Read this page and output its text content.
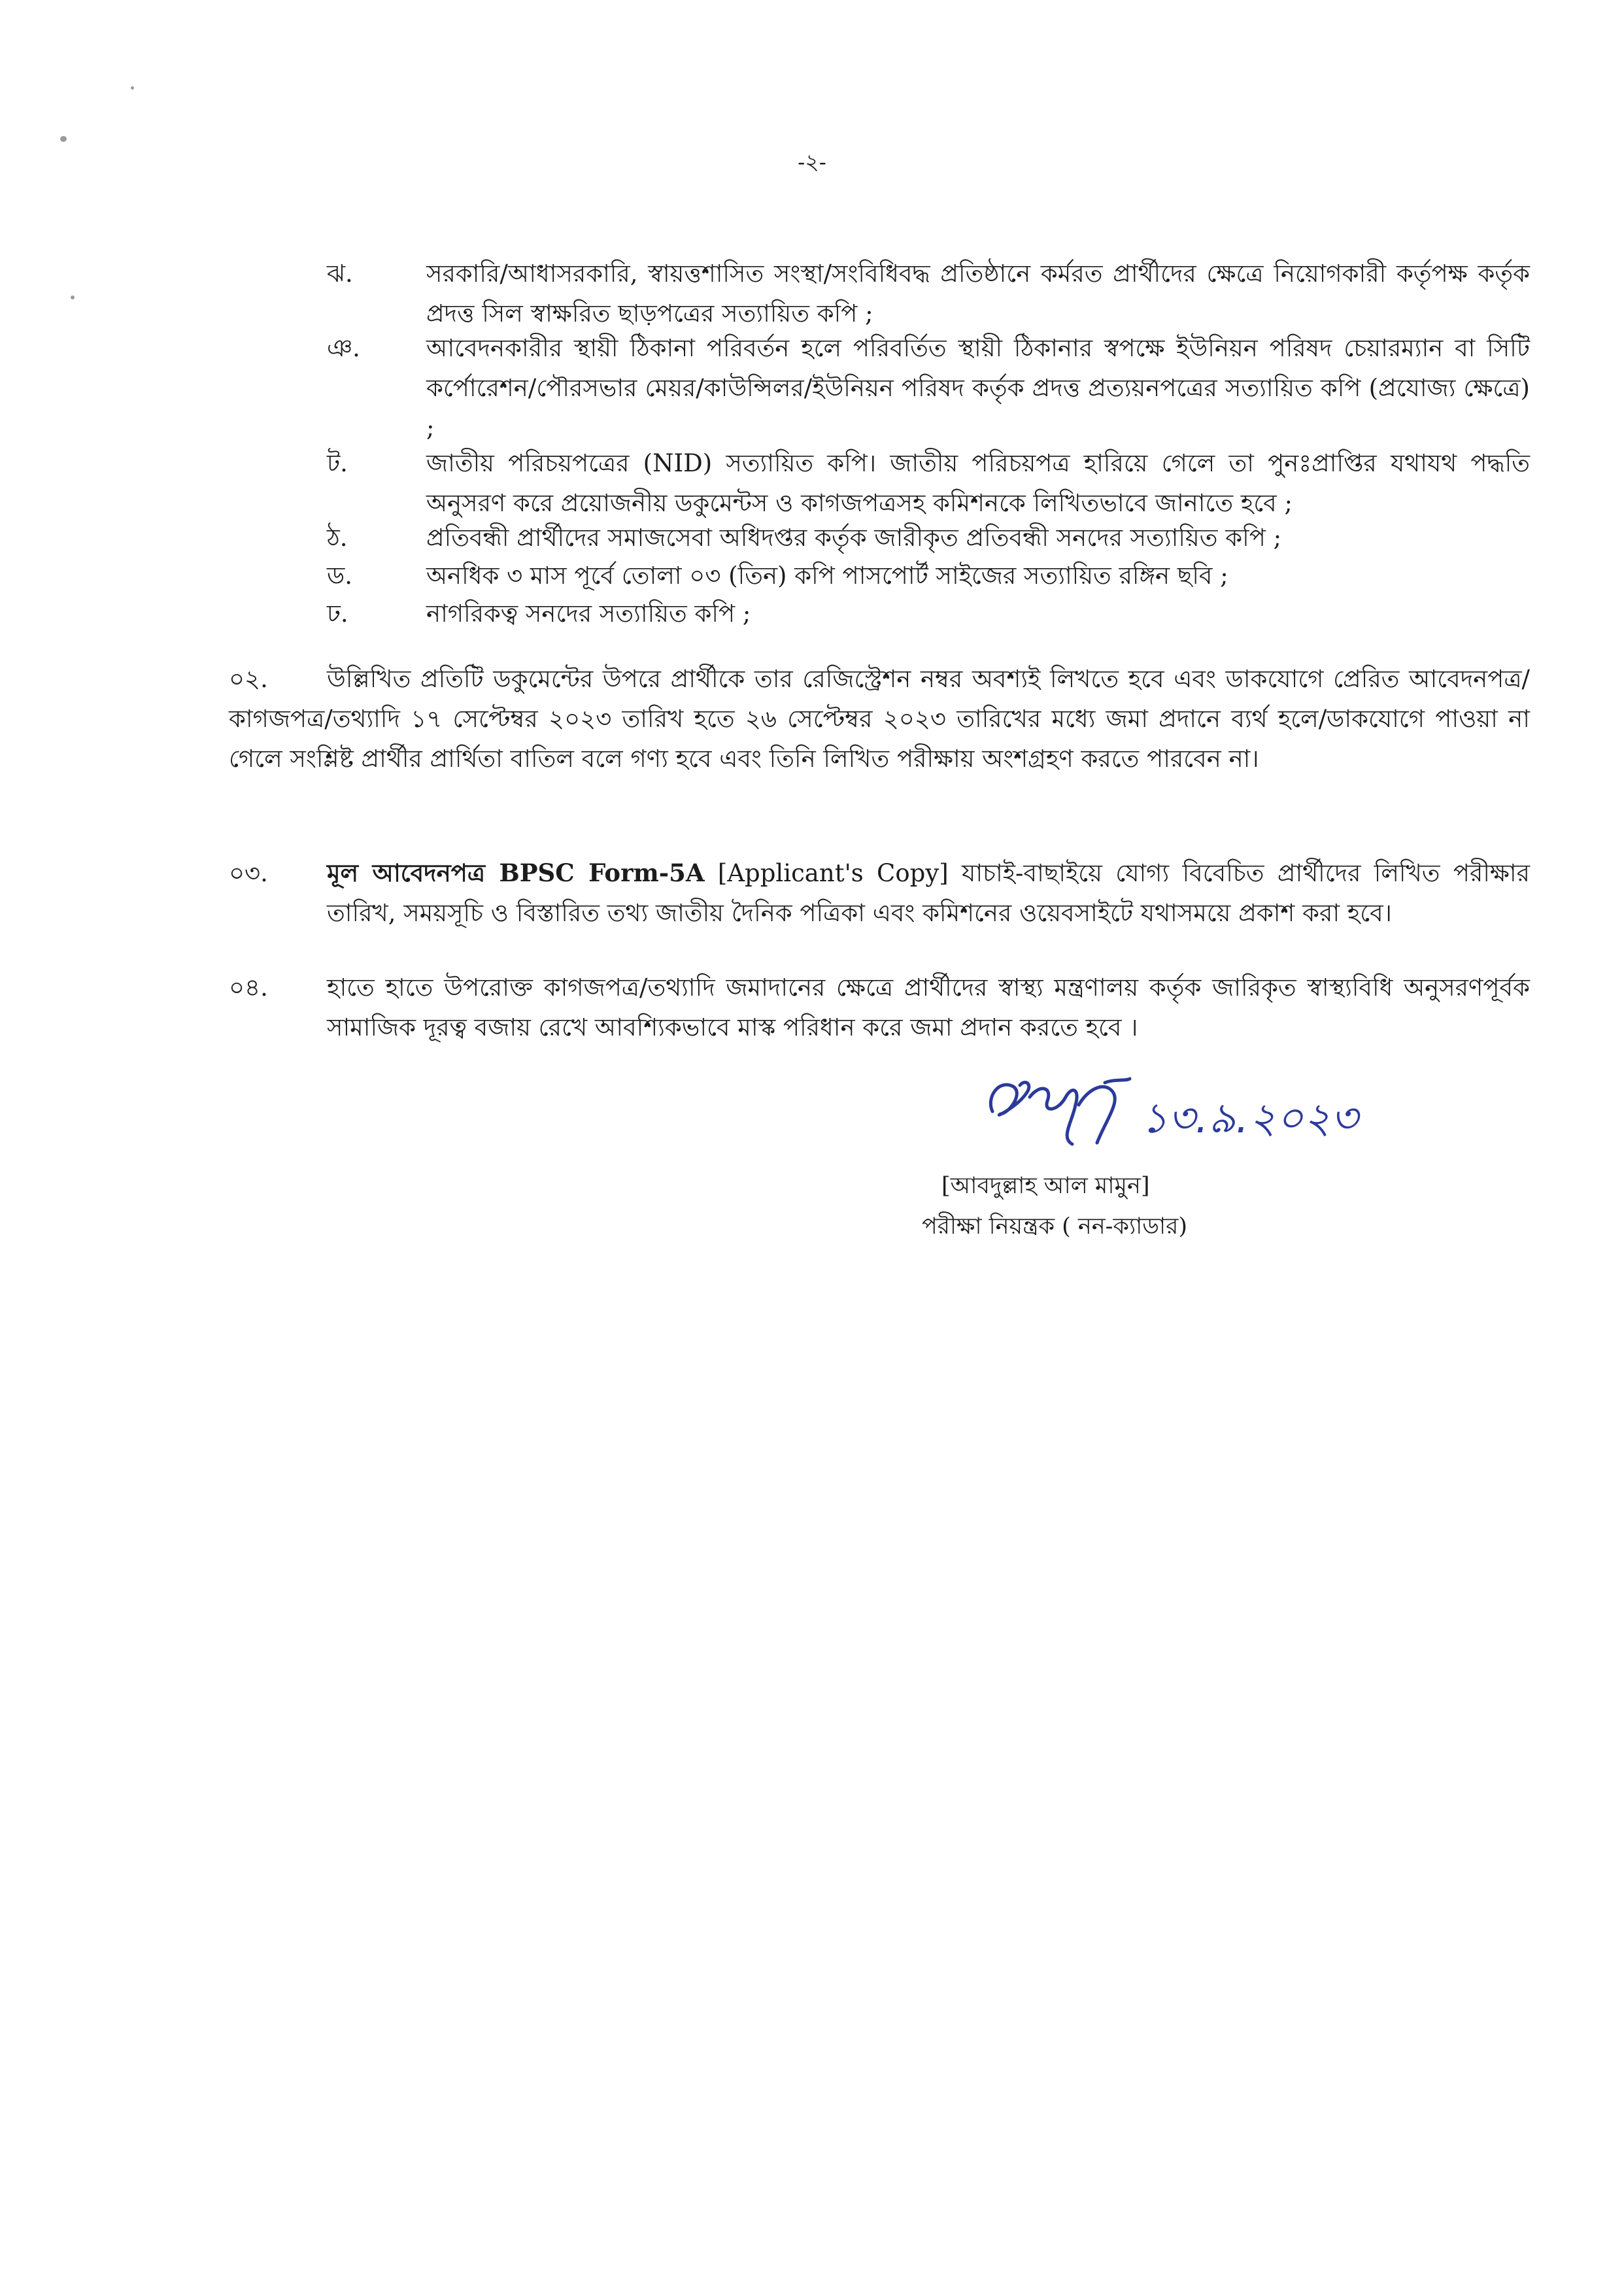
-২-
ঝ.	সরকারি/আধাসরকারি, স্বায়ত্তশাসিত সংস্থা/সংবিধিবদ্ধ প্রতিষ্ঠানে কর্মরত প্রার্থীদের ক্ষেত্রে নিয়োগকারী কর্তৃপক্ষ কর্তৃক প্রদত্ত সিল স্বাক্ষরিত ছাড়পত্রের সত্যায়িত কপি ;
ঞ.	আবেদনকারীর স্থায়ী ঠিকানা পরিবর্তন হলে পরিবর্তিত স্থায়ী ঠিকানার স্বপক্ষে ইউনিয়ন পরিষদ চেয়ারম্যান বা সিটি কর্পোরেশন/পৌরসভার মেয়র/কাউন্সিলর/ইউনিয়ন পরিষদ কর্তৃক প্রদত্ত প্রত্যয়নপত্রের সত্যায়িত কপি (প্রযোজ্য ক্ষেত্রে) ;
ট.	জাতীয় পরিচয়পত্রের (NID) সত্যায়িত কপি। জাতীয় পরিচয়পত্র হারিয়ে গেলে তা পুনঃপ্রাপ্তির যথাযথ পদ্ধতি অনুসরণ করে প্রয়োজনীয় ডকুমেন্টস ও কাগজপত্রসহ কমিশনকে লিখিতভাবে জানাতে হবে ;
ঠ.	প্রতিবন্ধী প্রার্থীদের সমাজসেবা অধিদপ্তর কর্তৃক জারীকৃত প্রতিবন্ধী সনদের সত্যায়িত কপি ;
ড.	অনধিক ৩ মাস পূর্বে তোলা ০৩ (তিন) কপি পাসপোর্ট সাইজের সত্যায়িত রঙ্গিন ছবি ;
ঢ.	নাগরিকত্ব সনদের সত্যায়িত কপি ;
০২. উল্লিখিত প্রতিটি ডকুমেন্টের উপরে প্রার্থীকে তার রেজিস্ট্রেশন নম্বর অবশ্যই লিখতে হবে এবং ডাকযোগে প্রেরিত আবেদনপত্র/কাগজপত্র/তথ্যাদি ১৭ সেপ্টেম্বর ২০২৩ তারিখ হতে ২৬ সেপ্টেম্বর ২০২৩ তারিখের মধ্যে জমা প্রদানে ব্যর্থ হলে/ডাকযোগে পাওয়া না গেলে সংশ্লিষ্ট প্রার্থীর প্রার্থিতা বাতিল বলে গণ্য হবে এবং তিনি লিখিত পরীক্ষায় অংশগ্রহণ করতে পারবেন না।
০৩. মূল আবেদনপত্র BPSC Form-5A [Applicant's Copy] যাচাই-বাছাইয়ে যোগ্য বিবেচিত প্রার্থীদের লিখিত পরীক্ষার তারিখ, সময়সূচি ও বিস্তারিত তথ্য জাতীয় দৈনিক পত্রিকা এবং কমিশনের ওয়েবসাইটে যথাসময়ে প্রকাশ করা হবে।
০৪. হাতে হাতে উপরোক্ত কাগজপত্র/তথ্যাদি জমাদানের ক্ষেত্রে প্রার্থীদের স্বাস্থ্য মন্ত্রণালয় কর্তৃক জারিকৃত স্বাস্থ্যবিধি অনুসরণপূর্বক সামাজিক দূরত্ব বজায় রেখে আবশ্যিকভাবে মাস্ক পরিধান করে জমা প্রদান করতে হবে ।
১৩.৯.২০২৩
[আবদুল্লাহ আল মামুন]
পরীক্ষা নিয়ন্ত্রক ( নন-ক্যাডার)
